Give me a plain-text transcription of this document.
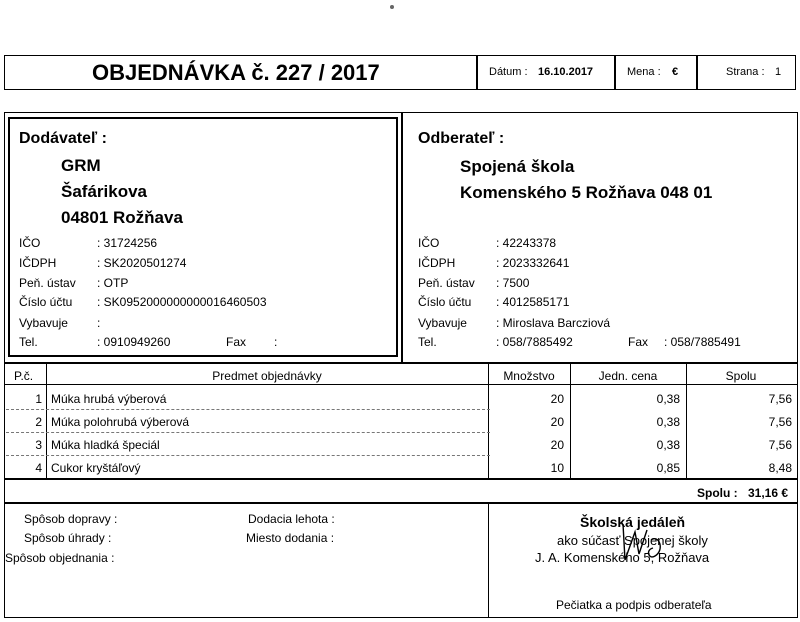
OBJEDNÁVKA č. 227 / 2017	Dátum : 16.10.2017	Mena : €	Strana : 1
Dodávateľ :
GRM
Šafárikova
04801 Rožňava
IČO	: 31724256
IČDPH	: SK2020501274
Peň. ústav : OTP
Číslo účtu : SK0952000000000016460503
Vybavuje :
Tel.	: 0910949260	Fax :
Odberateľ :
Spojená škola
Komenského 5 Rožňava 048 01
IČO	: 42243378
IČDPH	: 2023332641
Peň. ústav : 7500
Číslo účtu : 4012585171
Vybavuje : Miroslava Barcziová
Tel.	: 058/7885492	Fax : 058/7885491
P.č.	Predmet objednávky	Množstvo	Jedn. cena	Spolu
1 Múka hrubá výberová	20	0,38	7,56
2 Múka polohrubá výberová	20	0,38	7,56
3 Múka hladká špeciál	20	0,38	7,56
4 Cukor kryštáľový	10	0,85	8,48
Spolu : 31,16 €
Spôsob dopravy :
Spôsob úhrady :
Spôsob objednania :
Dodacia lehota :
Miesto dodania :
Školská jedáleň
ako súčasť Spojenej školy
J. A. Komenského 5, Rožňava
Pečiatka a podpis odberateľa
